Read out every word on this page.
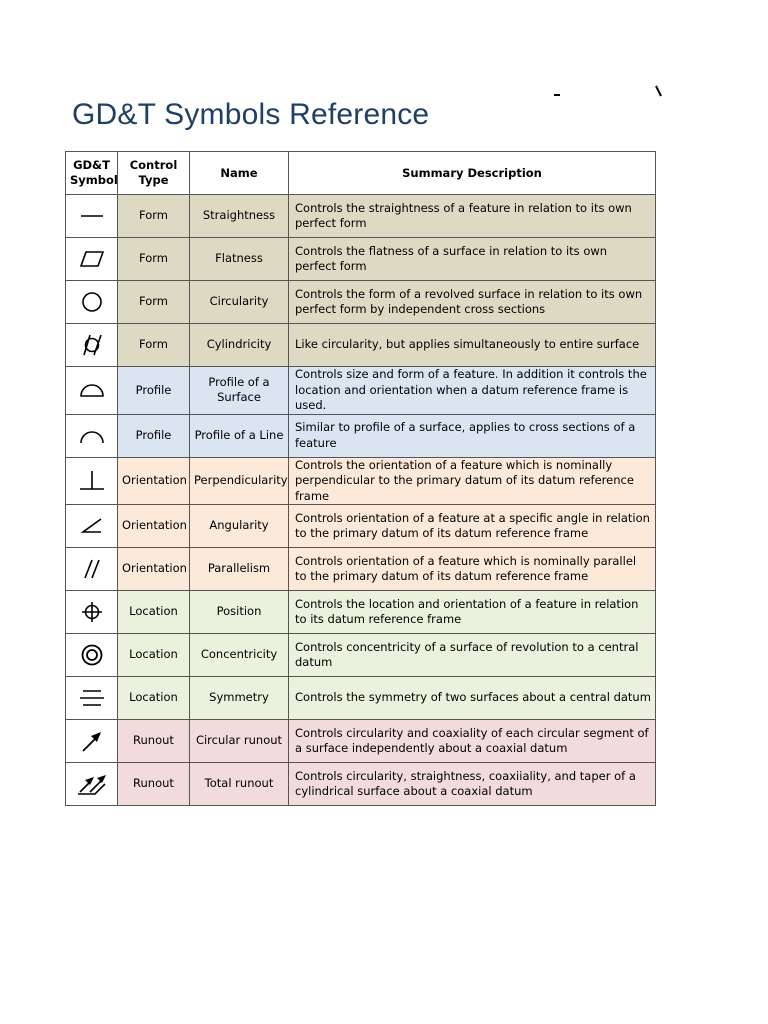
GD&T Symbols Reference
GD&T Symbol	Control Type	Name	Summary Description

	Form	Straightness	Controls the straightness of a feature in relation to its own perfect form

	Form	Flatness	Controls the flatness of a surface in relation to its own perfect form

	Form	Circularity	Controls the form of a revolved surface in relation to its own perfect form by independent cross sections

	Form	Cylindricity	Like circularity, but applies simultaneously to entire surface

	Profile	Profile of a Surface	Controls size and form of a feature. In addition it controls the location and orientation when a datum reference frame is used.

	Profile	Profile of a Line	Similar to profile of a surface, applies to cross sections of a feature

	Orientation	Perpendicularity	Controls the orientation of a feature which is nominally perpendicular to the primary datum of its datum reference frame

	Orientation	Angularity	Controls orientation of a feature at a specific angle in relation to the primary datum of its datum reference frame

	Orientation	Parallelism	Controls orientation of a feature which is nominally parallel to the primary datum of its datum reference frame

	Location	Position	Controls the location and orientation of a feature in relation to its datum reference frame

	Location	Concentricity	Controls concentricity of a surface of revolution to a central datum

	Location	Symmetry	Controls the symmetry of two surfaces about a central datum

	Runout	Circular runout	Controls circularity and coaxiality of each circular segment of a surface independently about a coaxial datum

	Runout	Total runout	Controls circularity, straightness, coaxiiality, and taper of a cylindrical surface about a coaxial datum
